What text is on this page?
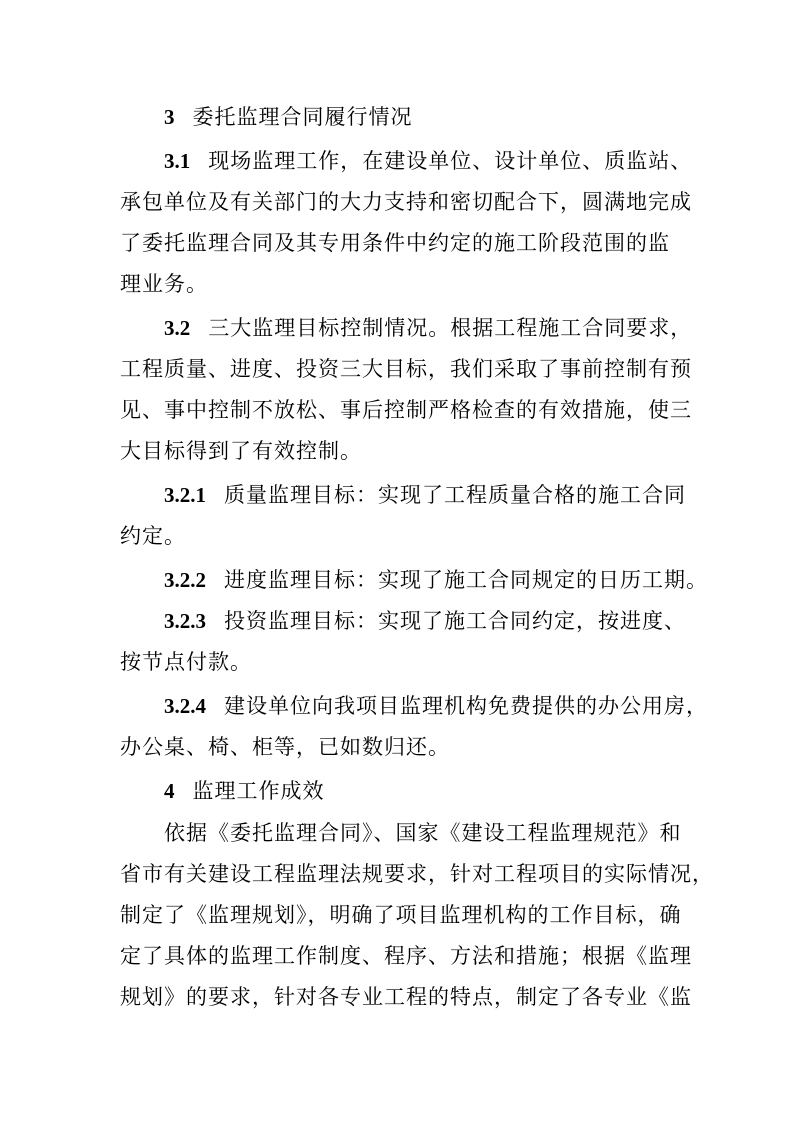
3 委托监理合同履行情况
3.1 现场监理工作，在建设单位、设计单位、质监站、
承包单位及有关部门的大力支持和密切配合下，圆满地完成
了委托监理合同及其专用条件中约定的施工阶段范围的监
理业务。
3.2 三大监理目标控制情况。根据工程施工合同要求，
工程质量、进度、投资三大目标，我们采取了事前控制有预
见、事中控制不放松、事后控制严格检查的有效措施，使三
大目标得到了有效控制。
3.2.1 质量监理目标：实现了工程质量合格的施工合同
约定。
3.2.2 进度监理目标：实现了施工合同规定的日历工期。
3.2.3 投资监理目标：实现了施工合同约定，按进度、
按节点付款。
3.2.4 建设单位向我项目监理机构免费提供的办公用房，
办公桌、椅、柜等，已如数归还。
4 监理工作成效
依据《委托监理合同》、国家《建设工程监理规范》和
省市有关建设工程监理法规要求，针对工程项目的实际情况，
制定了《监理规划》，明确了项目监理机构的工作目标，确
定了具体的监理工作制度、程序、方法和措施；根据《监理
规划》的要求，针对各专业工程的特点，制定了各专业《监
